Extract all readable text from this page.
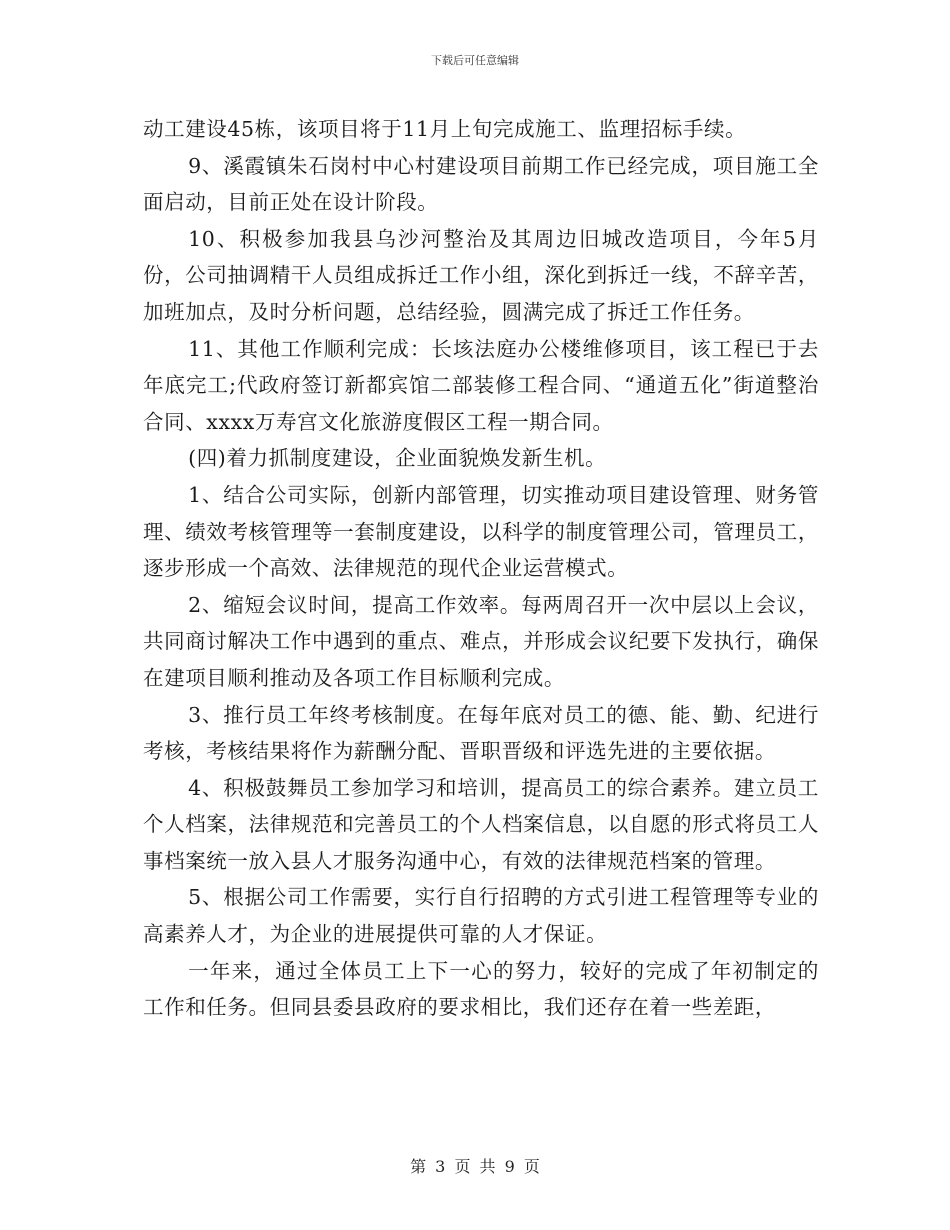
下载后可任意编辑

动工建设45栋，该项目将于11月上旬完成施工、监理招标手续。

9、溪霞镇朱石岗村中心村建设项目前期工作已经完成，项目施工全面启动，目前正处在设计阶段。

10、积极参加我县乌沙河整治及其周边旧城改造项目，今年5月份，公司抽调精干人员组成拆迁工作小组，深化到拆迁一线，不辞辛苦，加班加点，及时分析问题，总结经验，圆满完成了拆迁工作任务。

11、其他工作顺利完成：长垓法庭办公楼维修项目，该工程已于去年底完工;代政府签订新都宾馆二部装修工程合同、“通道五化”街道整治合同、xxxx万寿宫文化旅游度假区工程一期合同。

(四)着力抓制度建设，企业面貌焕发新生机。

1、结合公司实际，创新内部管理，切实推动项目建设管理、财务管理、绩效考核管理等一套制度建设，以科学的制度管理公司，管理员工，逐步形成一个高效、法律规范的现代企业运营模式。

2、缩短会议时间，提高工作效率。每两周召开一次中层以上会议，共同商讨解决工作中遇到的重点、难点，并形成会议纪要下发执行，确保在建项目顺利推动及各项工作目标顺利完成。

3、推行员工年终考核制度。在每年底对员工的德、能、勤、纪进行考核，考核结果将作为薪酬分配、晋职晋级和评选先进的主要依据。

4、积极鼓舞员工参加学习和培训，提高员工的综合素养。建立员工个人档案，法律规范和完善员工的个人档案信息，以自愿的形式将员工人事档案统一放入县人才服务沟通中心，有效的法律规范档案的管理。

5、根据公司工作需要，实行自行招聘的方式引进工程管理等专业的高素养人才，为企业的进展提供可靠的人才保证。

一年来，通过全体员工上下一心的努力，较好的完成了年初制定的工作和任务。但同县委县政府的要求相比，我们还存在着一些差距，

第 3 页 共 9 页
